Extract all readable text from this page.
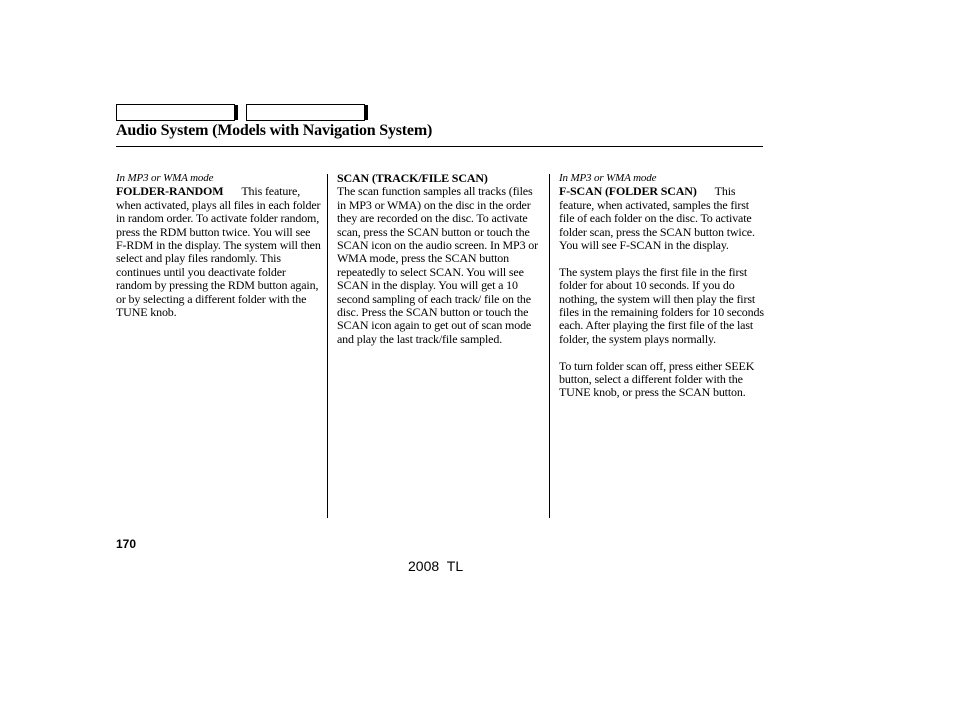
Audio System (Models with Navigation System)
In MP3 or WMA mode

FOLDER-RANDOM This feature, when activated, plays all files in each folder in random order. To activate folder random, press the RDM button twice. You will see F-RDM in the display. The system will then select and play files randomly. This continues until you deactivate folder random by pressing the RDM button again, or by selecting a different folder with the TUNE knob.

SCAN (TRACK/FILE SCAN)

The scan function samples all tracks (files in MP3 or WMA) on the disc in the order they are recorded on the disc. To activate scan, press the SCAN button or touch the SCAN icon on the audio screen. In MP3 or WMA mode, press the SCAN button repeatedly to select SCAN. You will see SCAN in the display. You will get a 10 second sampling of each track/ file on the disc. Press the SCAN button or touch the SCAN icon again to get out of scan mode and play the last track/file sampled.

In MP3 or WMA mode

F-SCAN (FOLDER SCAN) This feature, when activated, samples the first file of each folder on the disc. To activate folder scan, press the SCAN button twice. You will see F-SCAN in the display.

The system plays the first file in the first folder for about 10 seconds. If you do nothing, the system will then play the first files in the remaining folders for 10 seconds each. After playing the first file of the last folder, the system plays normally.

To turn folder scan off, press either SEEK button, select a different folder with the TUNE knob, or press the SCAN button.

170
2008 TL
